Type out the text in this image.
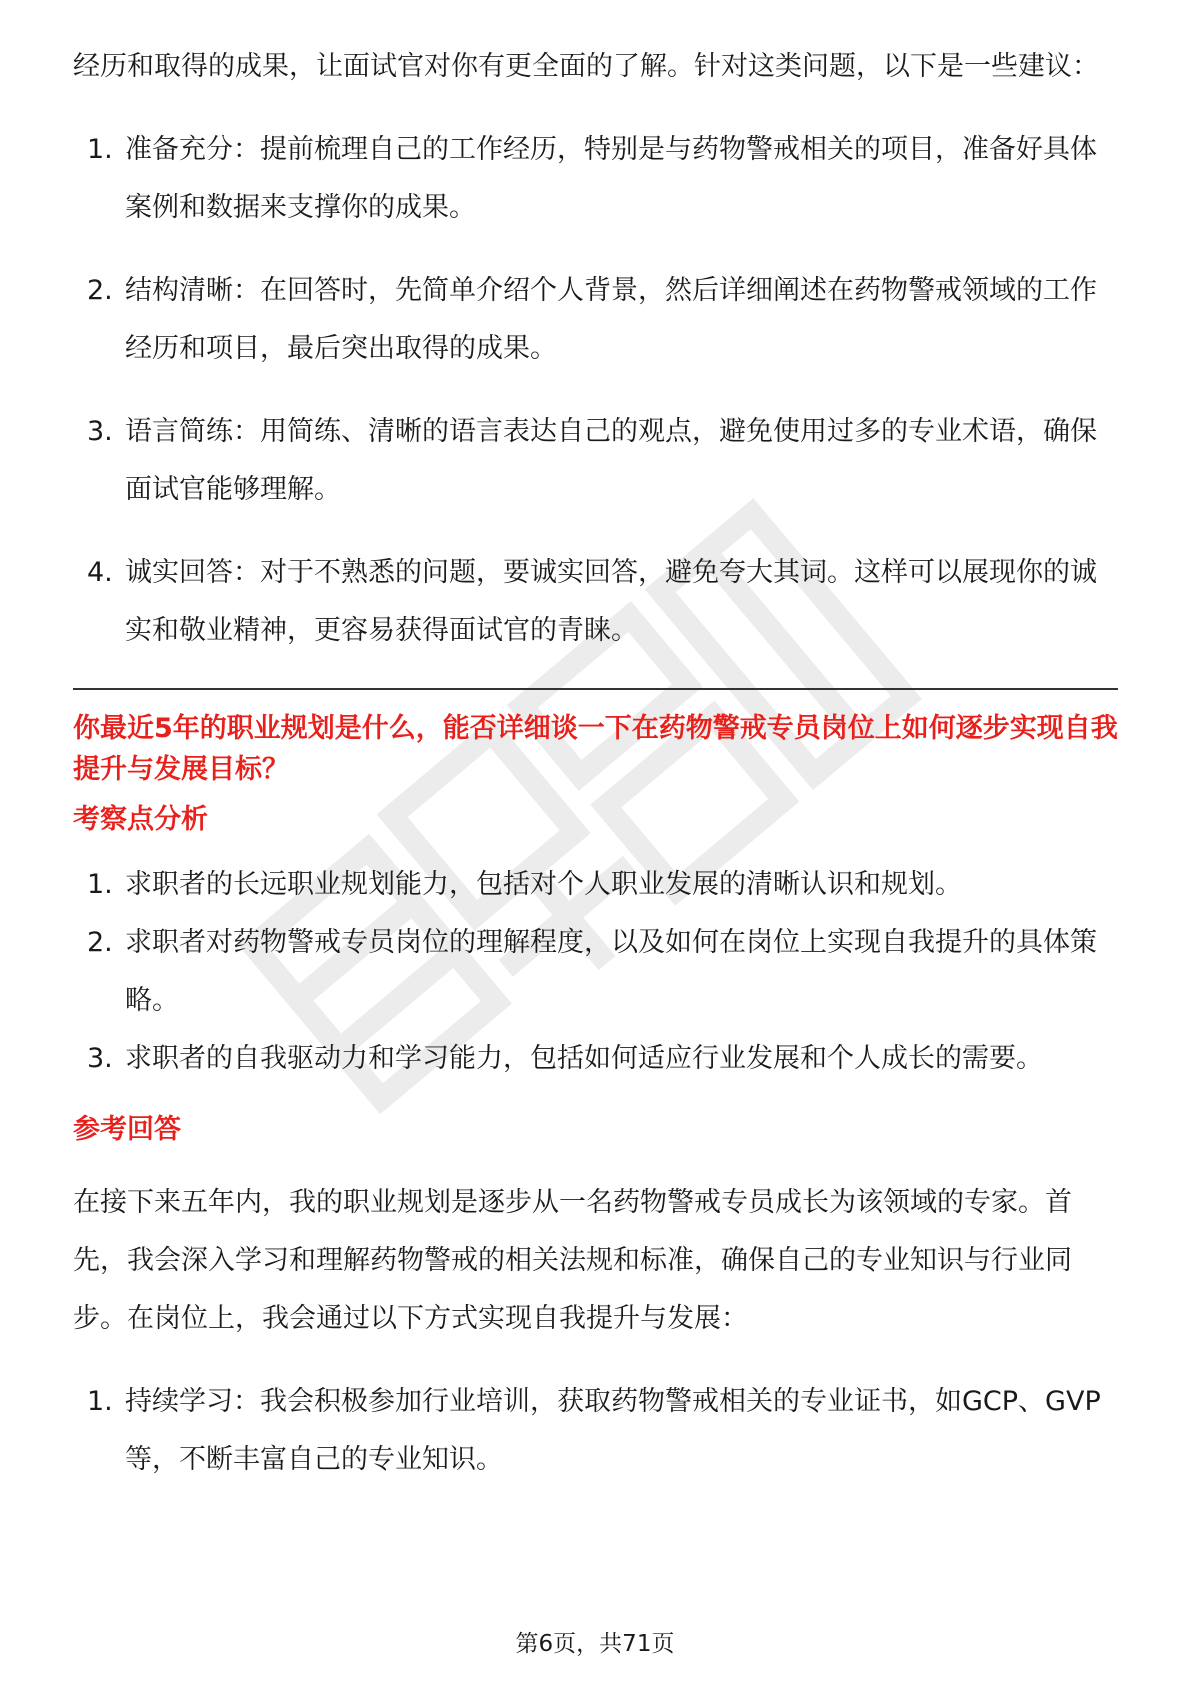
经历和取得的成果，让面试官对你有更全面的了解。针对这类问题，以下是一些建议：

1. 准备充分：提前梳理自己的工作经历，特别是与药物警戒相关的项目，准备好具体案例和数据来支撑你的成果。
2. 结构清晰：在回答时，先简单介绍个人背景，然后详细阐述在药物警戒领域的工作经历和项目，最后突出取得的成果。
3. 语言简练：用简练、清晰的语言表达自己的观点，避免使用过多的专业术语，确保面试官能够理解。
4. 诚实回答：对于不熟悉的问题，要诚实回答，避免夸大其词。这样可以展现你的诚实和敬业精神，更容易获得面试官的青睐。

你最近5年的职业规划是什么，能否详细谈一下在药物警戒专员岗位上如何逐步实现自我提升与发展目标？

考察点分析

1. 求职者的长远职业规划能力，包括对个人职业发展的清晰认识和规划。
2. 求职者对药物警戒专员岗位的理解程度，以及如何在岗位上实现自我提升的具体策略。
3. 求职者的自我驱动力和学习能力，包括如何适应行业发展和个人成长的需要。

参考回答

在接下来五年内，我的职业规划是逐步从一名药物警戒专员成长为该领域的专家。首先，我会深入学习和理解药物警戒的相关法规和标准，确保自己的专业知识与行业同步。在岗位上，我会通过以下方式实现自我提升与发展：

1. 持续学习：我会积极参加行业培训，获取药物警戒相关的专业证书，如GCP、GVP等，不断丰富自己的专业知识。
第6页，共71页
